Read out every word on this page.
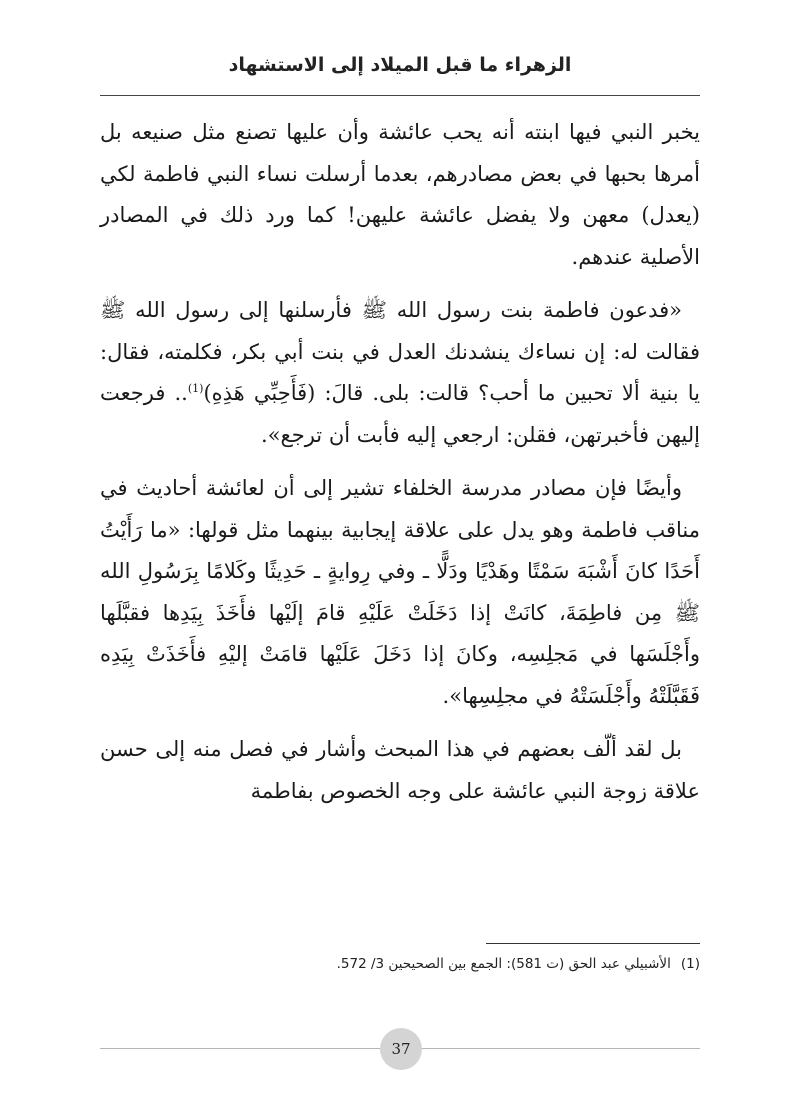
الزهراء ما قبل الميلاد إلى الاستشهاد

يخبر النبي فيها ابنته أنه يحب عائشة وأن عليها تصنع مثل صنيعه بل أمرها بحبها في بعض مصادرهم، بعدما أرسلت نساء النبي فاطمة لكي (يعدل) معهن ولا يفضل عائشة عليهن! كما ورد ذلك في المصادر الأصلية عندهم.

«فدعون فاطمة بنت رسول الله ﷺ فأرسلنها إلى رسول الله ﷺ فقالت له: إن نساءك ينشدنك العدل في بنت أبي بكر، فكلمته، فقال: يا بنية ألا تحبين ما أحب؟ قالت: بلى. قالَ: (فَأَحِبِّي هَذِهِ)$^{(1)}$.. فرجعت إليهن فأخبرتهن، فقلن: ارجعي إليه فأبت أن ترجع».

وأيضًا فإن مصادر مدرسة الخلفاء تشير إلى أن لعائشة أحاديث في مناقب فاطمة وهو يدل على علاقة إيجابية بينهما مثل قولها: «ما رَأَيْتُ أَحَدًا كانَ أَشْبَهَ سَمْتًا وهَدْيًا ودَلًّا ـ وفي رِوايةٍ ـ حَدِيثًا وكَلامًا بِرَسُولِ الله ﷺ مِن فاطِمَةَ، كانَتْ إذا دَخَلَتْ عَلَيْهِ قامَ إلَيْها فأَخَذَ بِيَدِها فقبَّلَها وأَجْلَسَها في مَجلِسِه، وكانَ إذا دَخَلَ عَلَيْها قامَتْ إليْهِ فأَخَذَتْ بِيَدِه فَقَبَّلَتْهُ وأَجْلَسَتْهُ في مجلِسِها».

بل لقد ألّف بعضهم في هذا المبحث وأشار في فصل منه إلى حسن علاقة زوجة النبي عائشة على وجه الخصوص بفاطمة

(1)الأشبيلي عبد الحق (ت 581): الجمع بين الصحيحين 3/ 572.
37
